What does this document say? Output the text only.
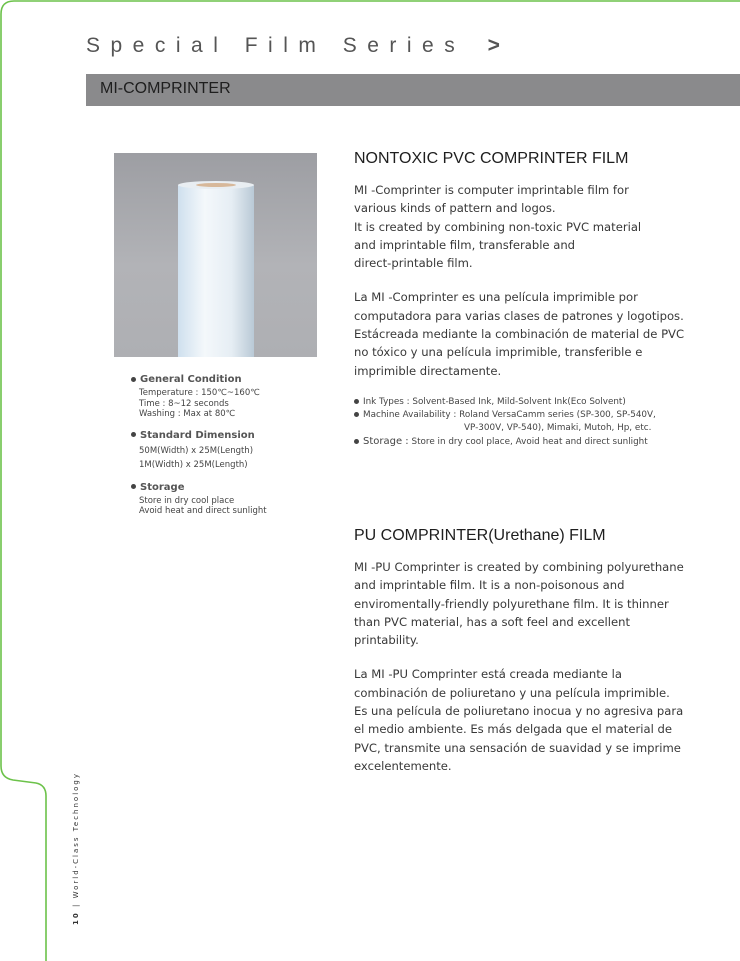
Special Film Series >
MI-COMPRINTER
General Condition
Temperature : 150℃~160℃
Time : 8~12 seconds
Washing : Max at 80℃
Standard Dimension
50M(Width) x 25M(Length)
1M(Width) x 25M(Length)
Storage
Store in dry cool place
Avoid heat and direct sunlight
NONTOXIC PVC COMPRINTER FILM

MI -Comprinter is computer imprintable film for
various kinds of pattern and logos.
It is created by combining non-toxic PVC material
and imprintable film, transferable and
direct-printable film.

La MI -Comprinter es una película imprimible por
computadora para varias clases de patrones y logotipos.
Estácreada mediante la combinación de material de PVC
no tóxico y una película imprimible, transferible e
imprimible directamente.

Ink Types : Solvent-Based Ink, Mild-Solvent Ink(Eco Solvent)
Machine Availability : Roland VersaCamm series (SP-300, SP-540V,
VP-300V, VP-540), Mimaki, Mutoh, Hp, etc.
Storage : Store in dry cool place, Avoid heat and direct sunlight
PU COMPRINTER(Urethane) FILM

MI -PU Comprinter is created by combining polyurethane
and imprintable film. It is a non-poisonous and
enviromentally-friendly polyurethane film. It is thinner
than PVC material, has a soft feel and excellent
printability.

La MI -PU Comprinter está creada mediante la
combinación de poliuretano y una película imprimible.
Es una película de poliuretano inocua y no agresiva para
el medio ambiente. Es más delgada que el material de
PVC, transmite una sensación de suavidad y se imprime
excelentemente.

10 | World-Class Technology
